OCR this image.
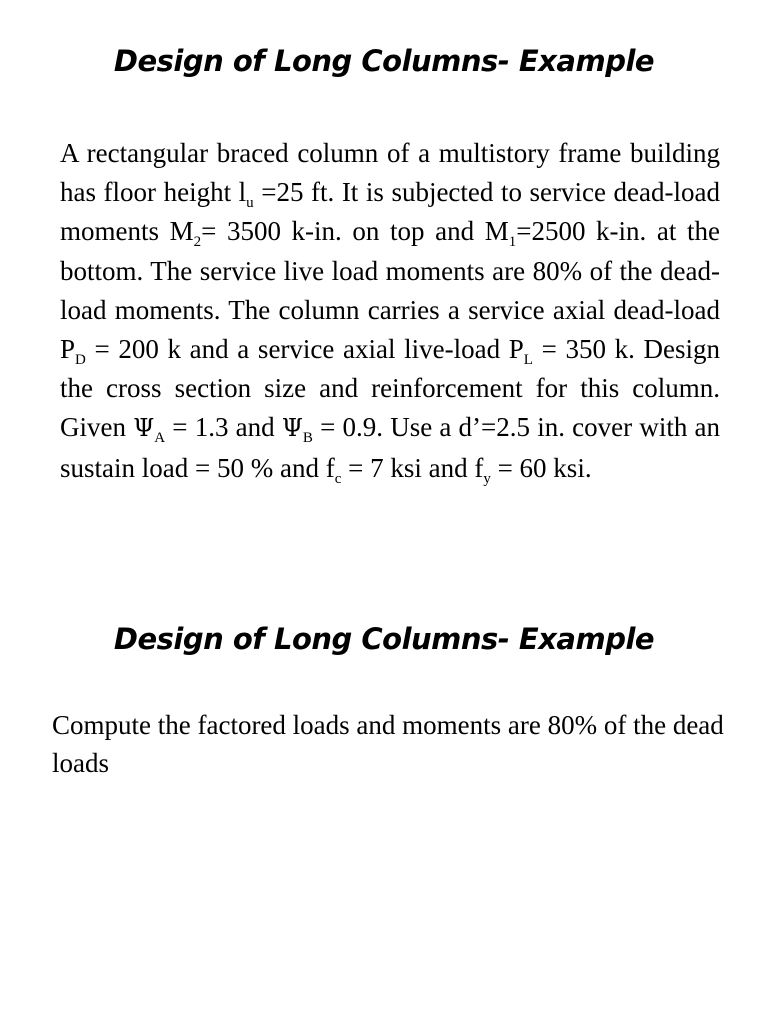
Design of Long Columns- Example

A rectangular braced column of a multistory frame building has floor height $l_u =25$ ft. It is subjected to service dead-load moments $M_2= 3500$ k-in. on top and $M_1=2500$ k-in. at the bottom. The service live load moments are 80% of the dead-load moments. The column carries a service axial dead-load $P_D = 200$ k and a service axial live-load $P_L = 350$ k. Design the cross section size and reinforcement for this column. Given $\Psi_A = 1.3$ and $\Psi_B = 0.9$. Use a d’=2.5 in. cover with an sustain load = 50 % and $f_c = 7$ ksi and $f_y = 60$ ksi.

Design of Long Columns- Example

Compute the factored loads and moments are 80% of the dead loads
